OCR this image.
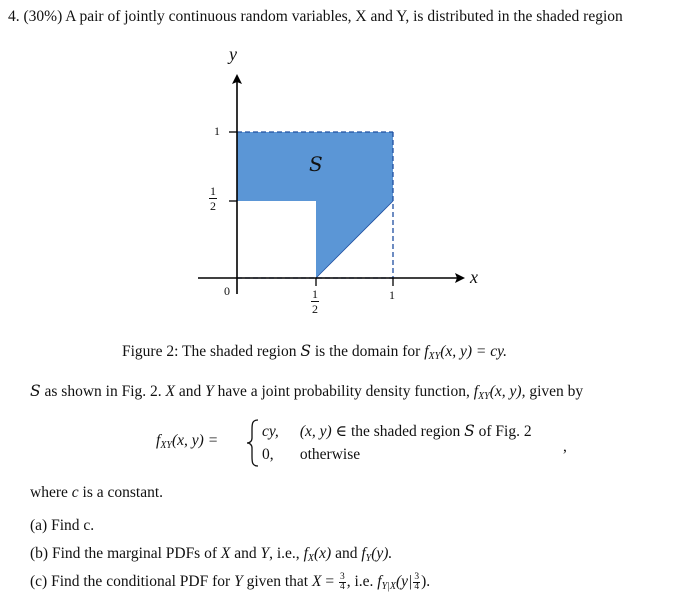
4. (30%) A pair of jointly continuous random variables, X and Y, is distributed in the shaded region
y
x
S
1
$\frac{1}{2}$
0	$\frac{1}{2}$	1
Figure 2: The shaded region S is the domain for $f_{XY}(x$, y) = cy.
S as shown in Fig. 2. X and Y have a joint probability density function, $f_{XY}(x$, y), given by
$f_{XY}(x$, y) =
cy, (x, y) ∈ the shaded region S of Fig. 2
0, otherwise	,
where c is a constant.
(a) Find c.
(b) Find the marginal PDFs of X and Y, i.e., $f_X(x)$ and $f_Y(y)$.
(c) Find the conditional PDF for Y given that $X = \frac{3}{4}$ , i.e. $f_{Y|X}(y| \frac{3}{4}$ ).
